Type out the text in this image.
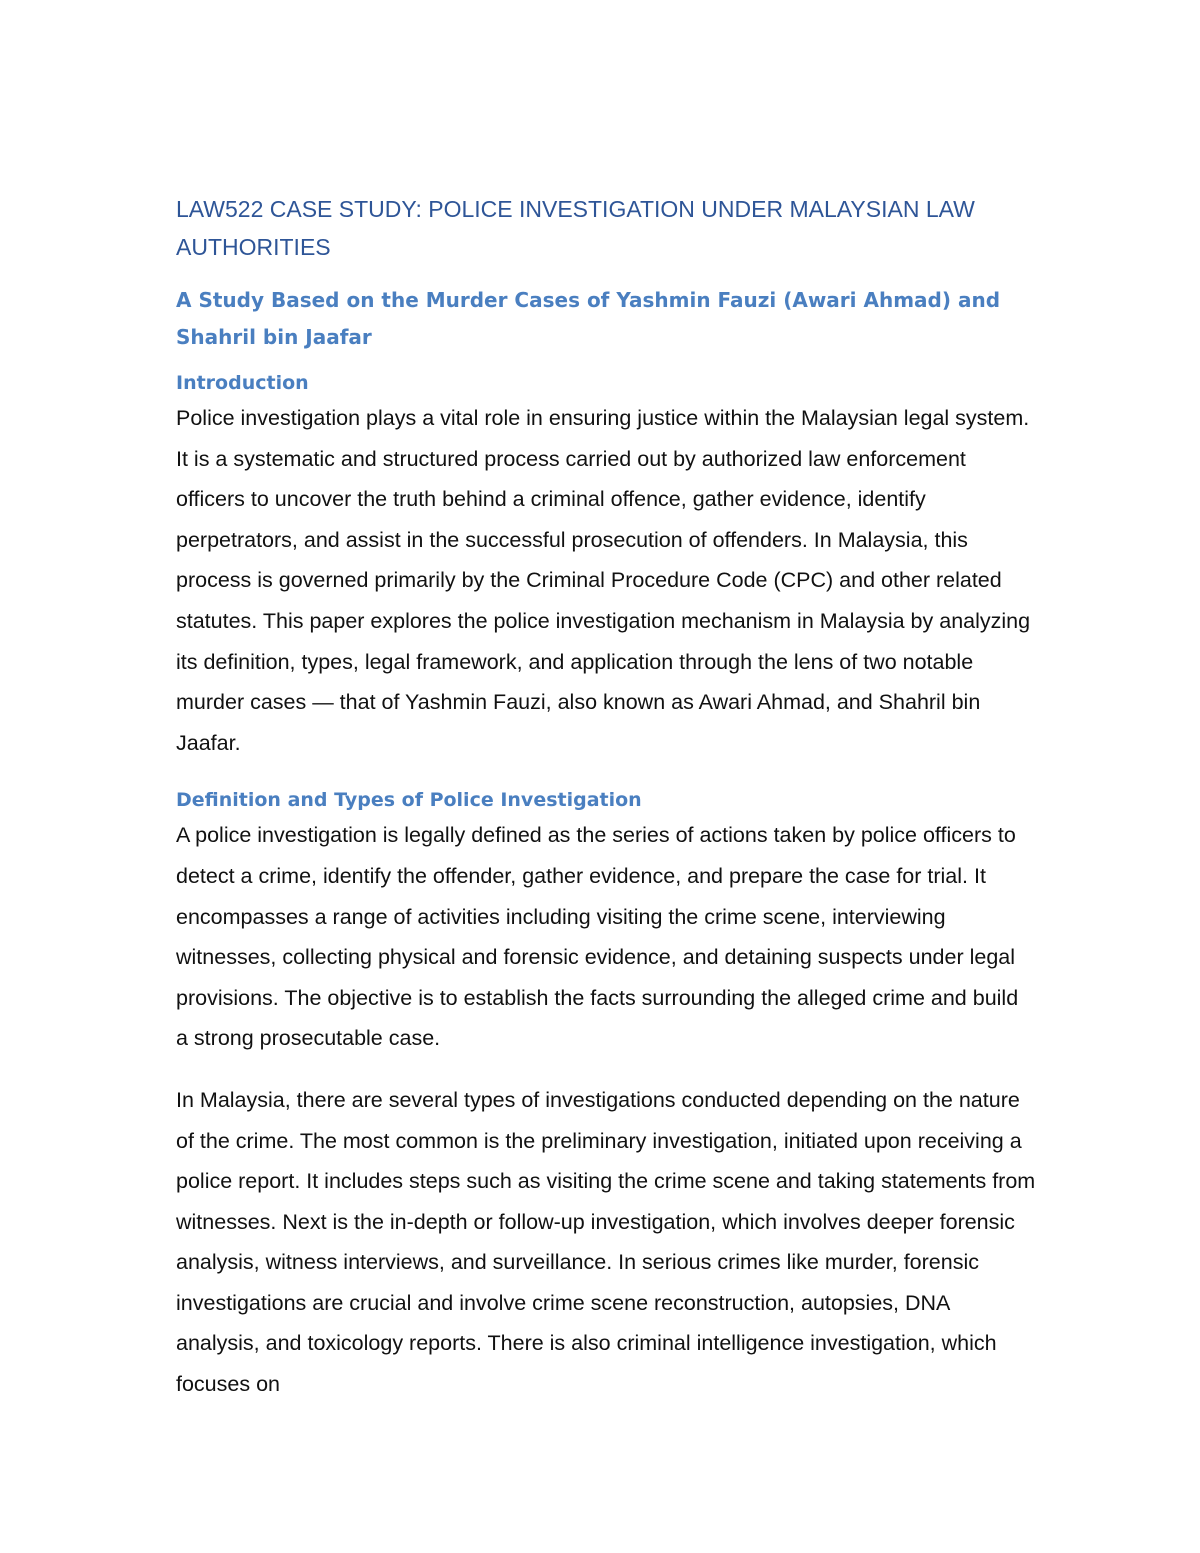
LAW522 CASE STUDY: POLICE INVESTIGATION UNDER MALAYSIAN LAW AUTHORITIES
A Study Based on the Murder Cases of Yashmin Fauzi (Awari Ahmad) and Shahril bin Jaafar
Introduction

Police investigation plays a vital role in ensuring justice within the Malaysian legal system. It is a systematic and structured process carried out by authorized law enforcement officers to uncover the truth behind a criminal offence, gather evidence, identify perpetrators, and assist in the successful prosecution of offenders. In Malaysia, this process is governed primarily by the Criminal Procedure Code (CPC) and other related statutes. This paper explores the police investigation mechanism in Malaysia by analyzing its definition, types, legal framework, and application through the lens of two notable murder cases — that of Yashmin Fauzi, also known as Awari Ahmad, and Shahril bin Jaafar.

Definition and Types of Police Investigation

A police investigation is legally defined as the series of actions taken by police officers to detect a crime, identify the offender, gather evidence, and prepare the case for trial. It encompasses a range of activities including visiting the crime scene, interviewing witnesses, collecting physical and forensic evidence, and detaining suspects under legal provisions. The objective is to establish the facts surrounding the alleged crime and build a strong prosecutable case.

In Malaysia, there are several types of investigations conducted depending on the nature of the crime. The most common is the preliminary investigation, initiated upon receiving a police report. It includes steps such as visiting the crime scene and taking statements from witnesses. Next is the in-depth or follow-up investigation, which involves deeper forensic analysis, witness interviews, and surveillance. In serious crimes like murder, forensic investigations are crucial and involve crime scene reconstruction, autopsies, DNA analysis, and toxicology reports. There is also criminal intelligence investigation, which focuses on
